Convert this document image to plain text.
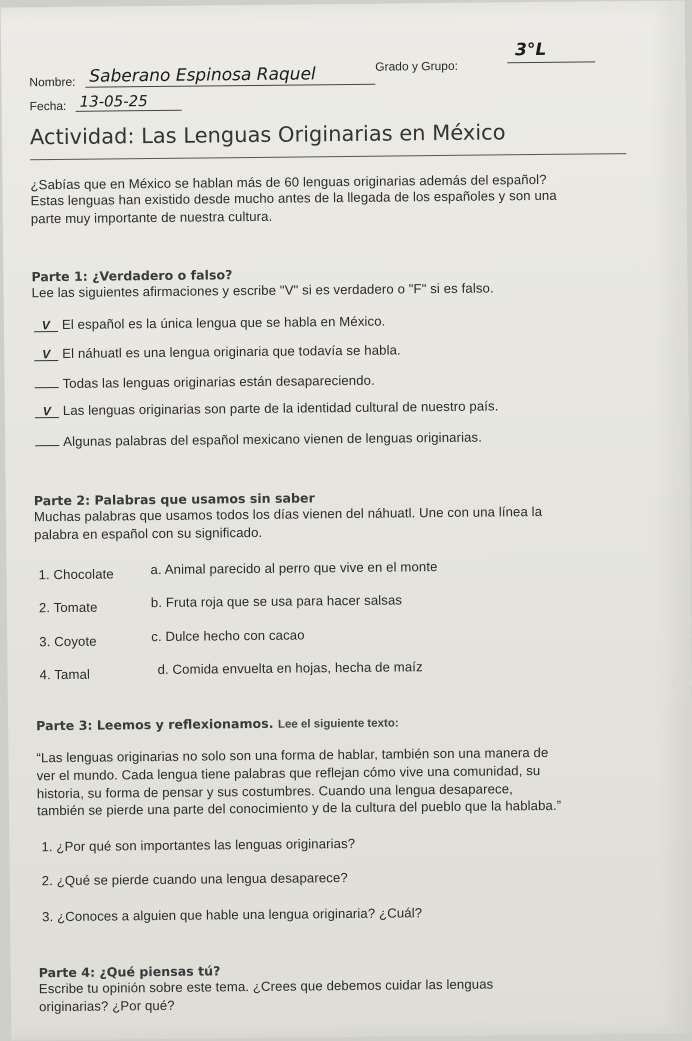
Nombre: Saberano Espinosa Raquel	Grado y Grupo:
3°L
Fecha: 13-05-25
Actividad: Las Lenguas Originarias en México
¿Sabías que en México se hablan más de 60 lenguas originarias además del español?
Estas lenguas han existido desde mucho antes de la llegada de los españoles y son una
parte muy importante de nuestra cultura.
Parte 1: ¿Verdadero o falso?
Lee las siguientes afirmaciones y escribe "V" si es verdadero o "F" si es falso.
V El español es la única lengua que se habla en México.
V El náhuatl es una lengua originaria que todavía se habla.
Todas las lenguas originarias están desapareciendo.
V Las lenguas originarias son parte de la identidad cultural de nuestro país.
Algunas palabras del español mexicano vienen de lenguas originarias.
Parte 2: Palabras que usamos sin saber
Muchas palabras que usamos todos los días vienen del náhuatl. Une con una línea la
palabra en español con su significado.
1. Chocolate
2. Tomate
3. Coyote
4. Tamal
a. Animal parecido al perro que vive en el monte
b. Fruta roja que se usa para hacer salsas
c. Dulce hecho con cacao
d. Comida envuelta en hojas, hecha de maíz
Parte 3: Leemos y reflexionamos. Lee el siguiente texto:
“Las lenguas originarias no solo son una forma de hablar, también son una manera de
ver el mundo. Cada lengua tiene palabras que reflejan cómo vive una comunidad, su
historia, su forma de pensar y sus costumbres. Cuando una lengua desaparece,
también se pierde una parte del conocimiento y de la cultura del pueblo que la hablaba.”
1. ¿Por qué son importantes las lenguas originarias?
2. ¿Qué se pierde cuando una lengua desaparece?
3. ¿Conoces a alguien que hable una lengua originaria? ¿Cuál?
Parte 4: ¿Qué piensas tú?
Escribe tu opinión sobre este tema. ¿Crees que debemos cuidar las lenguas
originarias? ¿Por qué?
